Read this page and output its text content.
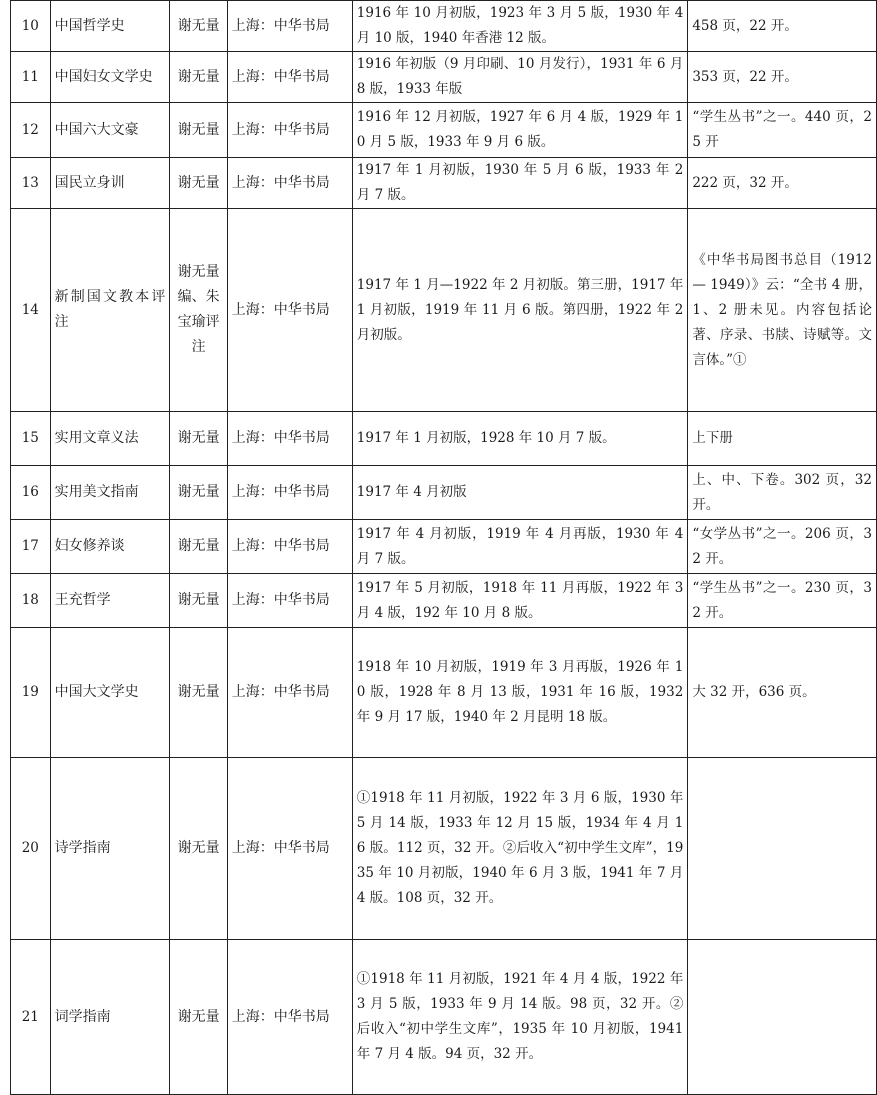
10	中国哲学史	谢无量	上海：中华书局	1916 年 10 月初版，1923 年 3 月 5 版，1930 年 4 月 10 版，1940 年香港 12 版。	458 页，22 开。
11	中国妇女文学史	谢无量	上海：中华书局	1916 年初版（9 月印刷、10 月发行），1931 年 6 月 8 版，1933 年版	353 页，22 开。
12	中国六大文豪	谢无量	上海：中华书局	1916 年 12 月初版，1927 年 6 月 4 版，1929 年 10 月 5 版，1933 年 9 月 6 版。	“学生丛书”之一。440 页，25 开
13	国民立身训	谢无量	上海：中华书局	1917 年 1 月初版，1930 年 5 月 6 版，1933 年 2 月 7 版。	222 页，32 开。
14	新制国文教本评注	谢无量编、朱宝瑜评注	上海：中华书局	1917 年 1 月—1922 年 2 月初版。第三册，1917 年 1 月初版，1919 年 11 月 6 版。第四册，1922 年 2 月初版。	《中华书局图书总目（1912 — 1949）》云：“全书 4 册，1、2 册未见。内容包括论著、序录、书牍、诗赋等。文言体。”①
15	实用文章义法	谢无量	上海：中华书局	1917 年 1 月初版，1928 年 10 月 7 版。	上下册
16	实用美文指南	谢无量	上海：中华书局	1917 年 4 月初版	上、中、下卷。302 页，32 开。
17	妇女修养谈	谢无量	上海：中华书局	1917 年 4 月初版，1919 年 4 月再版，1930 年 4 月 7 版。	“女学丛书”之一。206 页，32 开。
18	王充哲学	谢无量	上海：中华书局	1917 年 5 月初版，1918 年 11 月再版，1922 年 3 月 4 版，192 年 10 月 8 版。	“学生丛书”之一。230 页，32 开。
19	中国大文学史	谢无量	上海：中华书局	1918 年 10 月初版，1919 年 3 月再版，1926 年 10 版，1928 年 8 月 13 版，1931 年 16 版，1932 年 9 月 17 版，1940 年 2 月昆明 18 版。	大 32 开，636 页。
20	诗学指南	谢无量	上海：中华书局	①1918 年 11 月初版，1922 年 3 月 6 版，1930 年 5 月 14 版，1933 年 12 月 15 版，1934 年 4 月 16 版。112 页，32 开。②后收入“初中学生文库”，1935 年 10 月初版，1940 年 6 月 3 版，1941 年 7 月 4 版。108 页，32 开。	
21	词学指南	谢无量	上海：中华书局	①1918 年 11 月初版，1921 年 4 月 4 版，1922 年 3 月 5 版，1933 年 9 月 14 版。98 页，32 开。②后收入“初中学生文库”，1935 年 10 月初版，1941 年 7 月 4 版。94 页，32 开。	
